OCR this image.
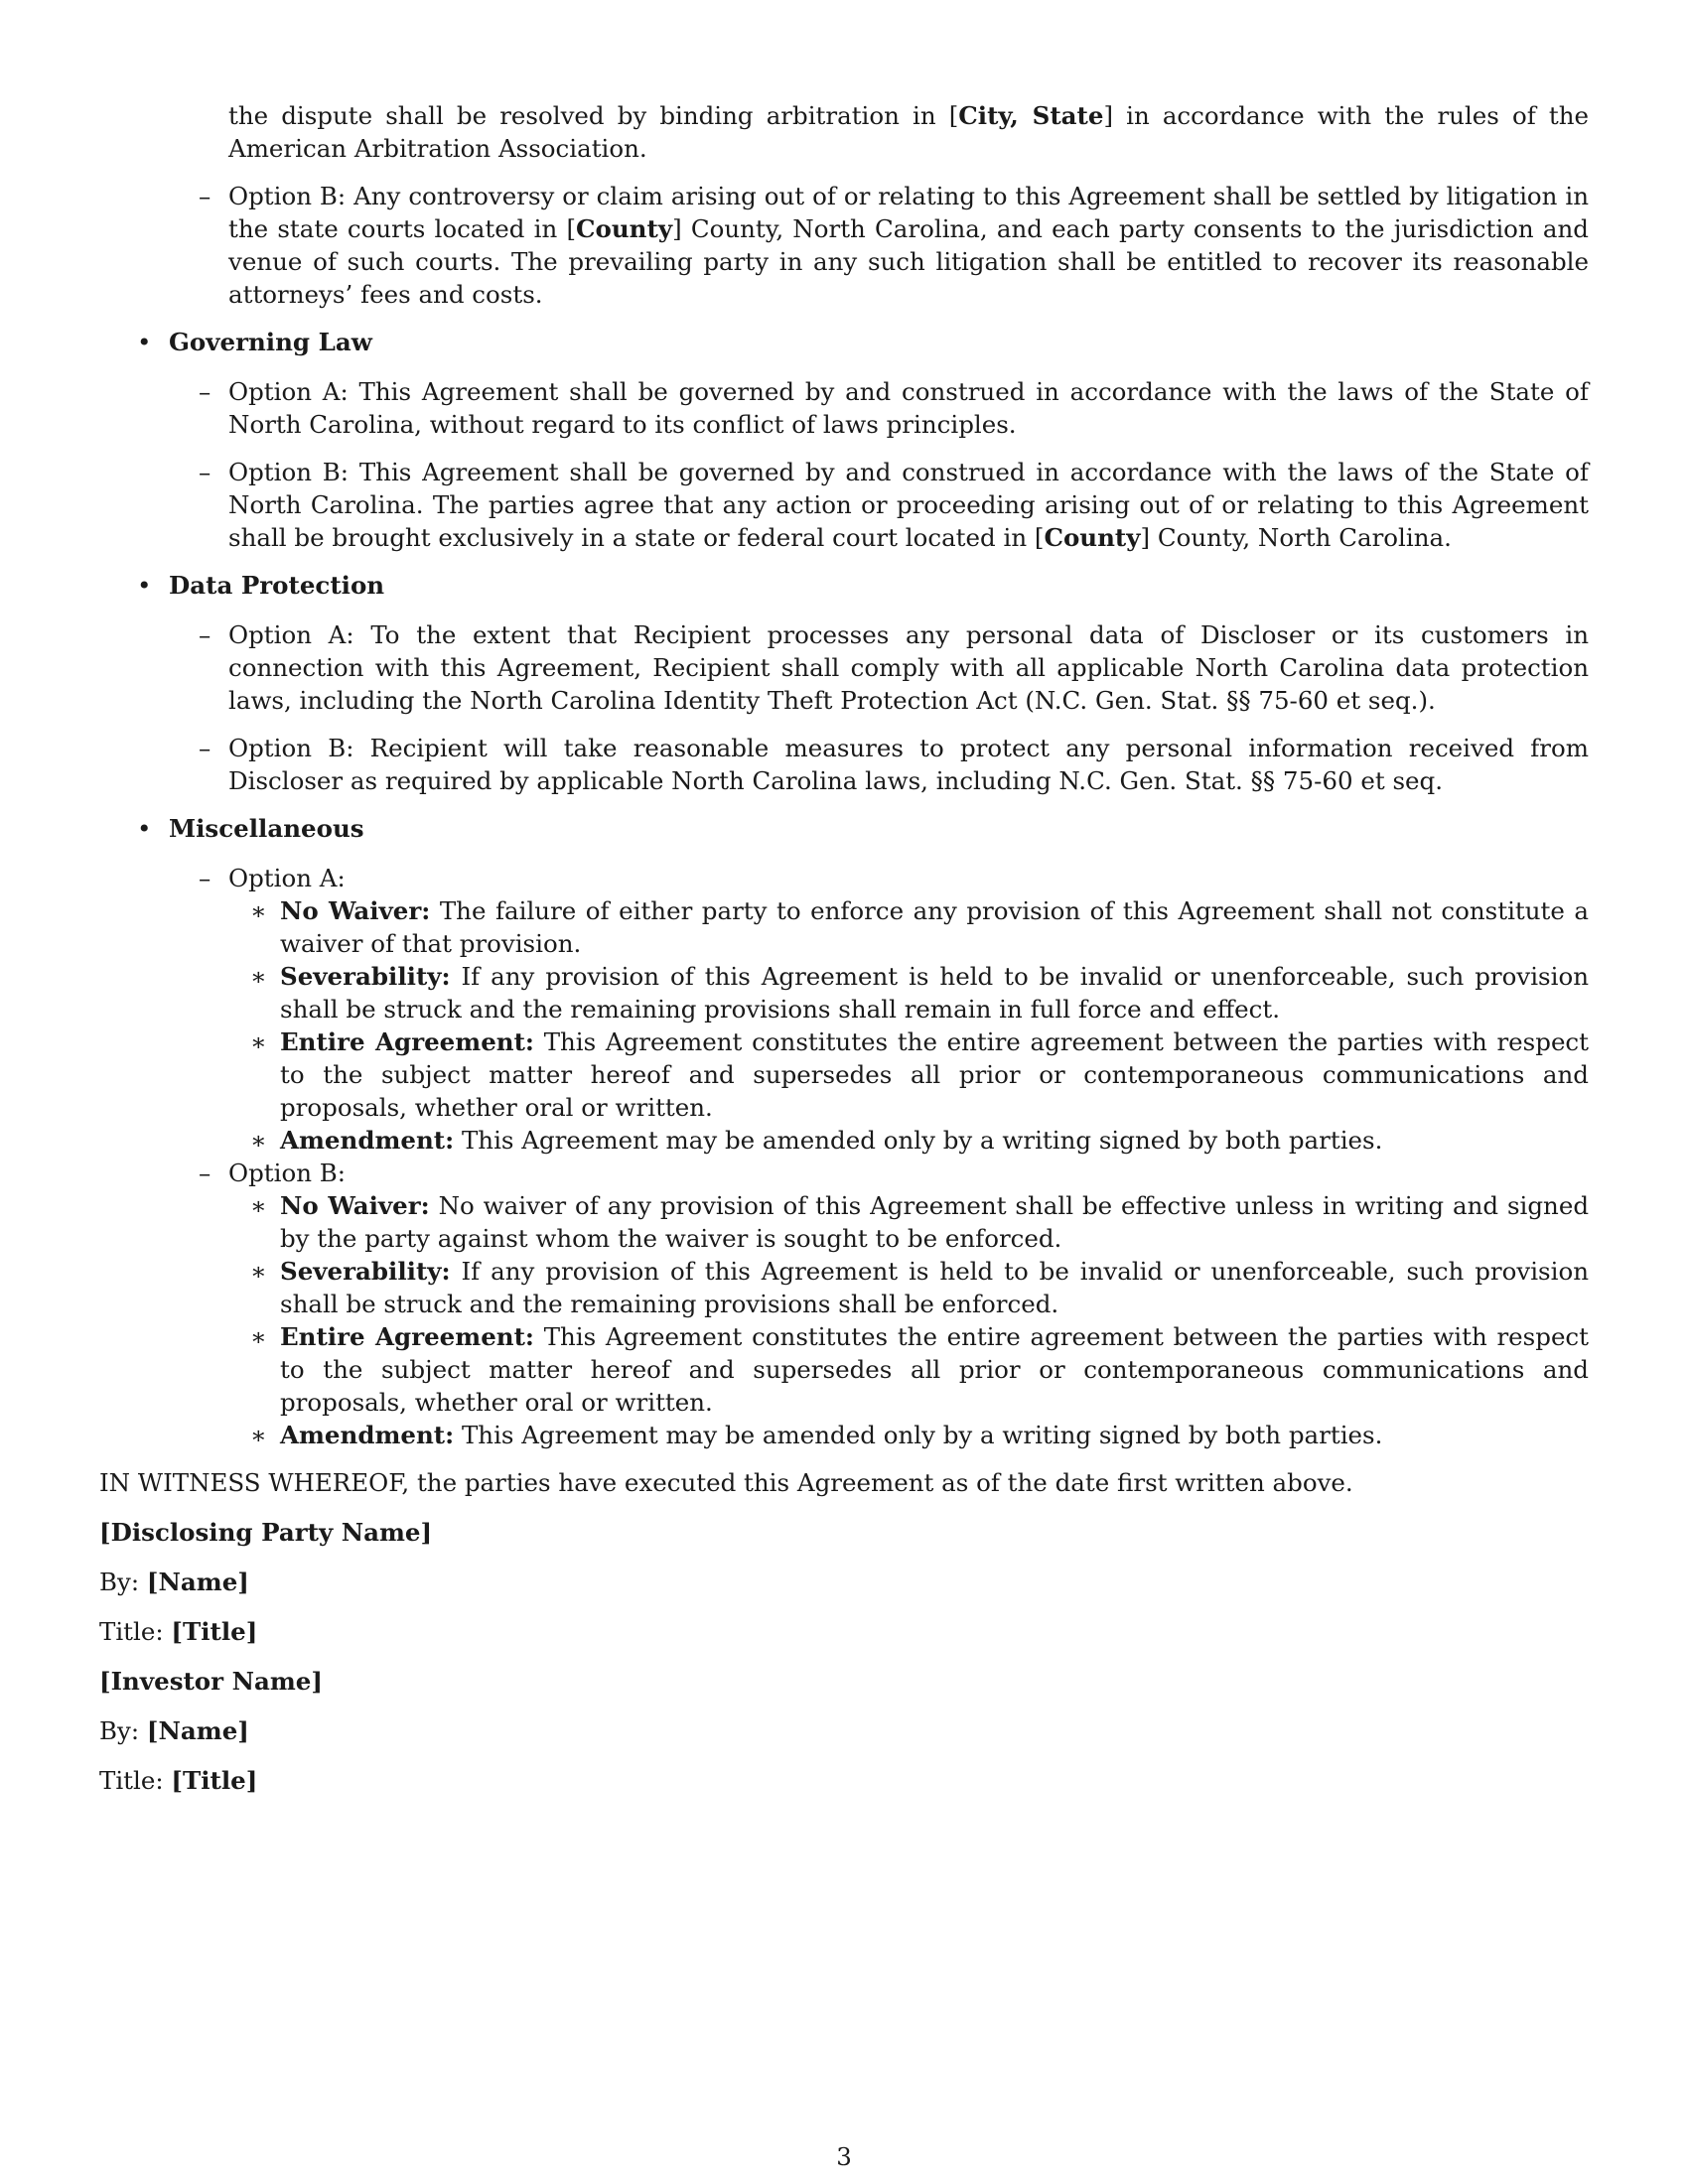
the dispute shall be resolved by binding arbitration in [City, State] in accordance with the rules of the American Arbitration Association.

– Option B: Any controversy or claim arising out of or relating to this Agreement shall be settled by litigation in the state courts located in [County] County, North Carolina, and each party consents to the jurisdiction and venue of such courts. The prevailing party in any such litigation shall be entitled to recover its reasonable attorneys’ fees and costs.

• Governing Law

– Option A: This Agreement shall be governed by and construed in accordance with the laws of the State of North Carolina, without regard to its conflict of laws principles.

– Option B: This Agreement shall be governed by and construed in accordance with the laws of the State of North Carolina. The parties agree that any action or proceeding arising out of or relating to this Agreement shall be brought exclusively in a state or federal court located in [County] County, North Carolina.

• Data Protection

– Option A: To the extent that Recipient processes any personal data of Discloser or its customers in connection with this Agreement, Recipient shall comply with all applicable North Carolina data protection laws, including the North Carolina Identity Theft Protection Act (N.C. Gen. Stat. §§ 75-60 et seq.).

– Option B: Recipient will take reasonable measures to protect any personal information received from Discloser as required by applicable North Carolina laws, including N.C. Gen. Stat. §§ 75-60 et seq.

• Miscellaneous

– Option A:

∗ No Waiver: The failure of either party to enforce any provision of this Agreement shall not constitute a waiver of that provision.

∗ Severability: If any provision of this Agreement is held to be invalid or unenforceable, such provision shall be struck and the remaining provisions shall remain in full force and effect.

∗ Entire Agreement: This Agreement constitutes the entire agreement between the parties with respect to the subject matter hereof and supersedes all prior or contemporaneous communications and proposals, whether oral or written.

∗ Amendment: This Agreement may be amended only by a writing signed by both parties.

– Option B:

∗ No Waiver: No waiver of any provision of this Agreement shall be effective unless in writing and signed by the party against whom the waiver is sought to be enforced.

∗ Severability: If any provision of this Agreement is held to be invalid or unenforceable, such provision shall be struck and the remaining provisions shall be enforced.

∗ Entire Agreement: This Agreement constitutes the entire agreement between the parties with respect to the subject matter hereof and supersedes all prior or contemporaneous communications and proposals, whether oral or written.

∗ Amendment: This Agreement may be amended only by a writing signed by both parties.

IN WITNESS WHEREOF, the parties have executed this Agreement as of the date first written above.

[Disclosing Party Name]

By: [Name]

Title: [Title]

[Investor Name]

By: [Name]

Title: [Title]

3
